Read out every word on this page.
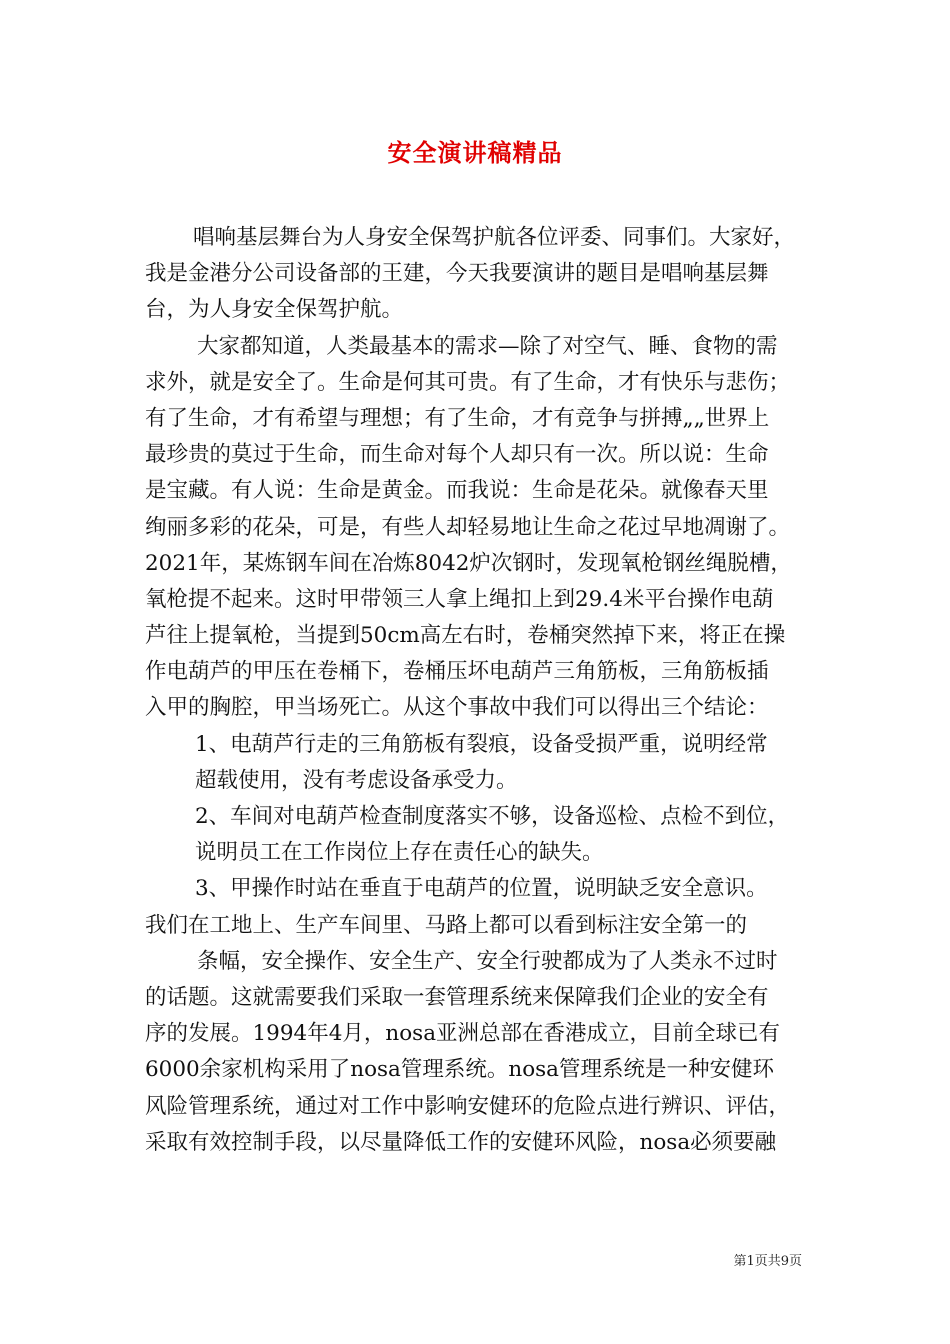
安全演讲稿精品
唱响基层舞台为人身安全保驾护航各位评委、同事们。大家好，
我是金港分公司设备部的王建，今天我要演讲的题目是唱响基层舞
台，为人身安全保驾护航。
大家都知道，人类最基本的需求—除了对空气、睡、食物的需
求外，就是安全了。生命是何其可贵。有了生命，才有快乐与悲伤；
有了生命，才有希望与理想；有了生命，才有竞争与拼搏„„世界上
最珍贵的莫过于生命，而生命对每个人却只有一次。所以说：生命
是宝藏。有人说：生命是黄金。而我说：生命是花朵。就像春天里
绚丽多彩的花朵，可是，有些人却轻易地让生命之花过早地凋谢了。
2021年，某炼钢车间在冶炼8042炉次钢时，发现氧枪钢丝绳脱槽，
氧枪提不起来。这时甲带领三人拿上绳扣上到29.4米平台操作电葫
芦往上提氧枪，当提到50cm高左右时，卷桶突然掉下来，将正在操
作电葫芦的甲压在卷桶下，卷桶压坏电葫芦三角筋板，三角筋板插
入甲的胸腔，甲当场死亡。从这个事故中我们可以得出三个结论：
1、电葫芦行走的三角筋板有裂痕，设备受损严重，说明经常
超载使用，没有考虑设备承受力。
2、车间对电葫芦检查制度落实不够，设备巡检、点检不到位，
说明员工在工作岗位上存在责任心的缺失。
3、甲操作时站在垂直于电葫芦的位置，说明缺乏安全意识。
我们在工地上、生产车间里、马路上都可以看到标注安全第一的
条幅，安全操作、安全生产、安全行驶都成为了人类永不过时
的话题。这就需要我们采取一套管理系统来保障我们企业的安全有
序的发展。1994年4月，nosa亚洲总部在香港成立，目前全球已有
6000余家机构采用了nosa管理系统。nosa管理系统是一种安健环
风险管理系统，通过对工作中影响安健环的危险点进行辨识、评估，
采取有效控制手段，以尽量降低工作的安健环风险，nosa必须要融
第1页共9页
